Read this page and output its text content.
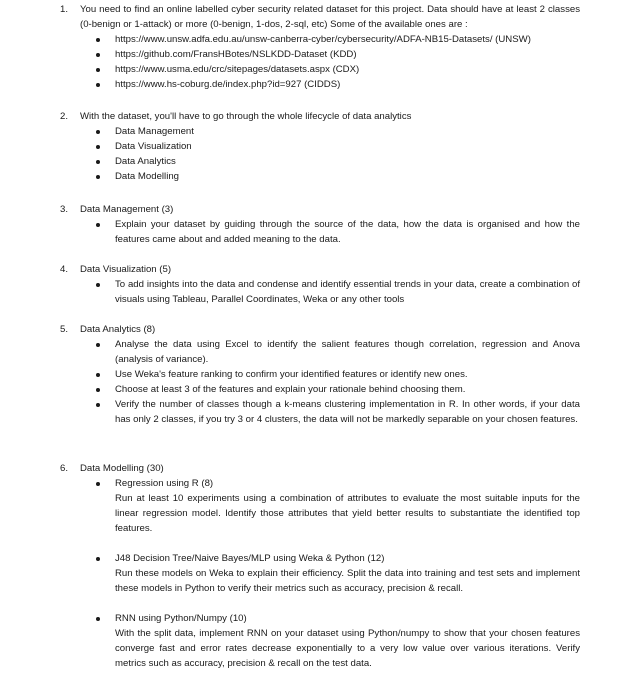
1. You need to find an online labelled cyber security related dataset for this project. Data should have at least 2 classes (0-benign or 1-attack) or more (0-benign, 1-dos, 2-sql, etc) Some of the available ones are :
https://www.unsw.adfa.edu.au/unsw-canberra-cyber/cybersecurity/ADFA-NB15-Datasets/ (UNSW)
https://github.com/FransHBotes/NSLKDD-Dataset (KDD)
https://www.usma.edu/crc/sitepages/datasets.aspx (CDX)
https://www.hs-coburg.de/index.php?id=927 (CIDDS)
2. With the dataset, you'll have to go through the whole lifecycle of data analytics
Data Management
Data Visualization
Data Analytics
Data Modelling
3. Data Management (3)
Explain your dataset by guiding through the source of the data, how the data is organised and how the features came about and added meaning to the data.
4. Data Visualization (5)
To add insights into the data and condense and identify essential trends in your data, create a combination of visuals using Tableau, Parallel Coordinates, Weka or any other tools
5. Data Analytics (8)
Analyse the data using Excel to identify the salient features though correlation, regression and Anova (analysis of variance).
Use Weka's feature ranking to confirm your identified features or identify new ones.
Choose at least 3 of the features and explain your rationale behind choosing them.
Verify the number of classes though a k-means clustering implementation in R. In other words, if your data has only 2 classes, if you try 3 or 4 clusters, the data will not be markedly separable on your chosen features.
6. Data Modelling (30)
Regression using R (8)
Run at least 10 experiments using a combination of attributes to evaluate the most suitable inputs for the linear regression model. Identify those attributes that yield better results to substantiate the identified top features.
J48 Decision Tree/Naive Bayes/MLP using Weka & Python (12)
Run these models on Weka to explain their efficiency. Split the data into training and test sets and implement these models in Python to verify their metrics such as accuracy, precision & recall.
RNN using Python/Numpy (10)
With the split data, implement RNN on your dataset using Python/numpy to show that your chosen features converge fast and error rates decrease exponentially to a very low value over various iterations. Verify metrics such as accuracy, precision & recall on the test data.
